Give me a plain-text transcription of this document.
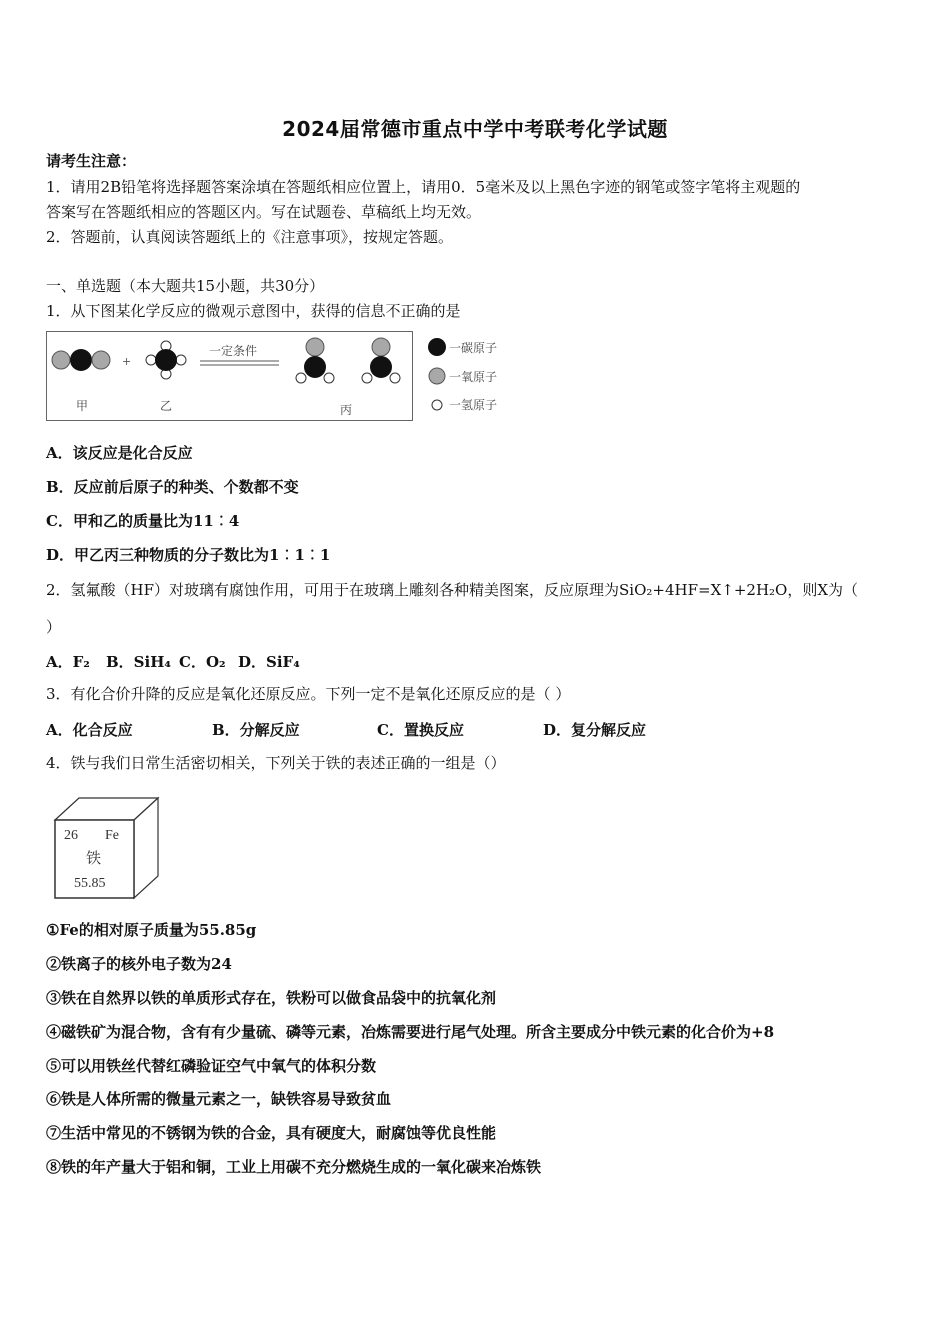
2024届常德市重点中学中考联考化学试题
请考生注意：
1．请用2B铅笔将选择题答案涂填在答题纸相应位置上，请用0．5毫米及以上黑色字迹的钢笔或签字笔将主观题的
答案写在答题纸相应的答题区内。写在试题卷、草稿纸上均无效。
2．答题前，认真阅读答题纸上的《注意事项》，按规定答题。
一、单选题（本大题共15小题，共30分）
1．从下图某化学反应的微观示意图中，获得的信息不正确的是
+
一定条件
甲	乙	丙
一碳原子
一氧原子
一氢原子
A．该反应是化合反应
B．反应前后原子的种类、个数都不变
C．甲和乙的质量比为11︰4
D．甲乙丙三种物质的分子数比为1︰1︰1
2．氢氟酸（HF）对玻璃有腐蚀作用，可用于在玻璃上雕刻各种精美图案，反应原理为SiO₂+4HF=X↑+2H₂O，则X为（
）
A．F₂ B．SiH₄ C．O₂ D．SiF₄
3．有化合价升降的反应是氧化还原反应。下列一定不是氧化还原反应的是（ ）
A．化合反应	B．分解反应	C．置换反应	D．复分解反应
4．铁与我们日常生活密切相关，下列关于铁的表述正确的一组是（）
26 Fe
铁
55.85
①Fe的相对原子质量为55.85g
②铁离子的核外电子数为24
③铁在自然界以铁的单质形式存在，铁粉可以做食品袋中的抗氧化剂
④磁铁矿为混合物，含有有少量硫、磷等元素，冶炼需要进行尾气处理。所含主要成分中铁元素的化合价为+8
⑤可以用铁丝代替红磷验证空气中氧气的体积分数
⑥铁是人体所需的微量元素之一，缺铁容易导致贫血
⑦生活中常见的不锈钢为铁的合金，具有硬度大，耐腐蚀等优良性能
⑧铁的年产量大于铝和铜，工业上用碳不充分燃烧生成的一氧化碳来冶炼铁
